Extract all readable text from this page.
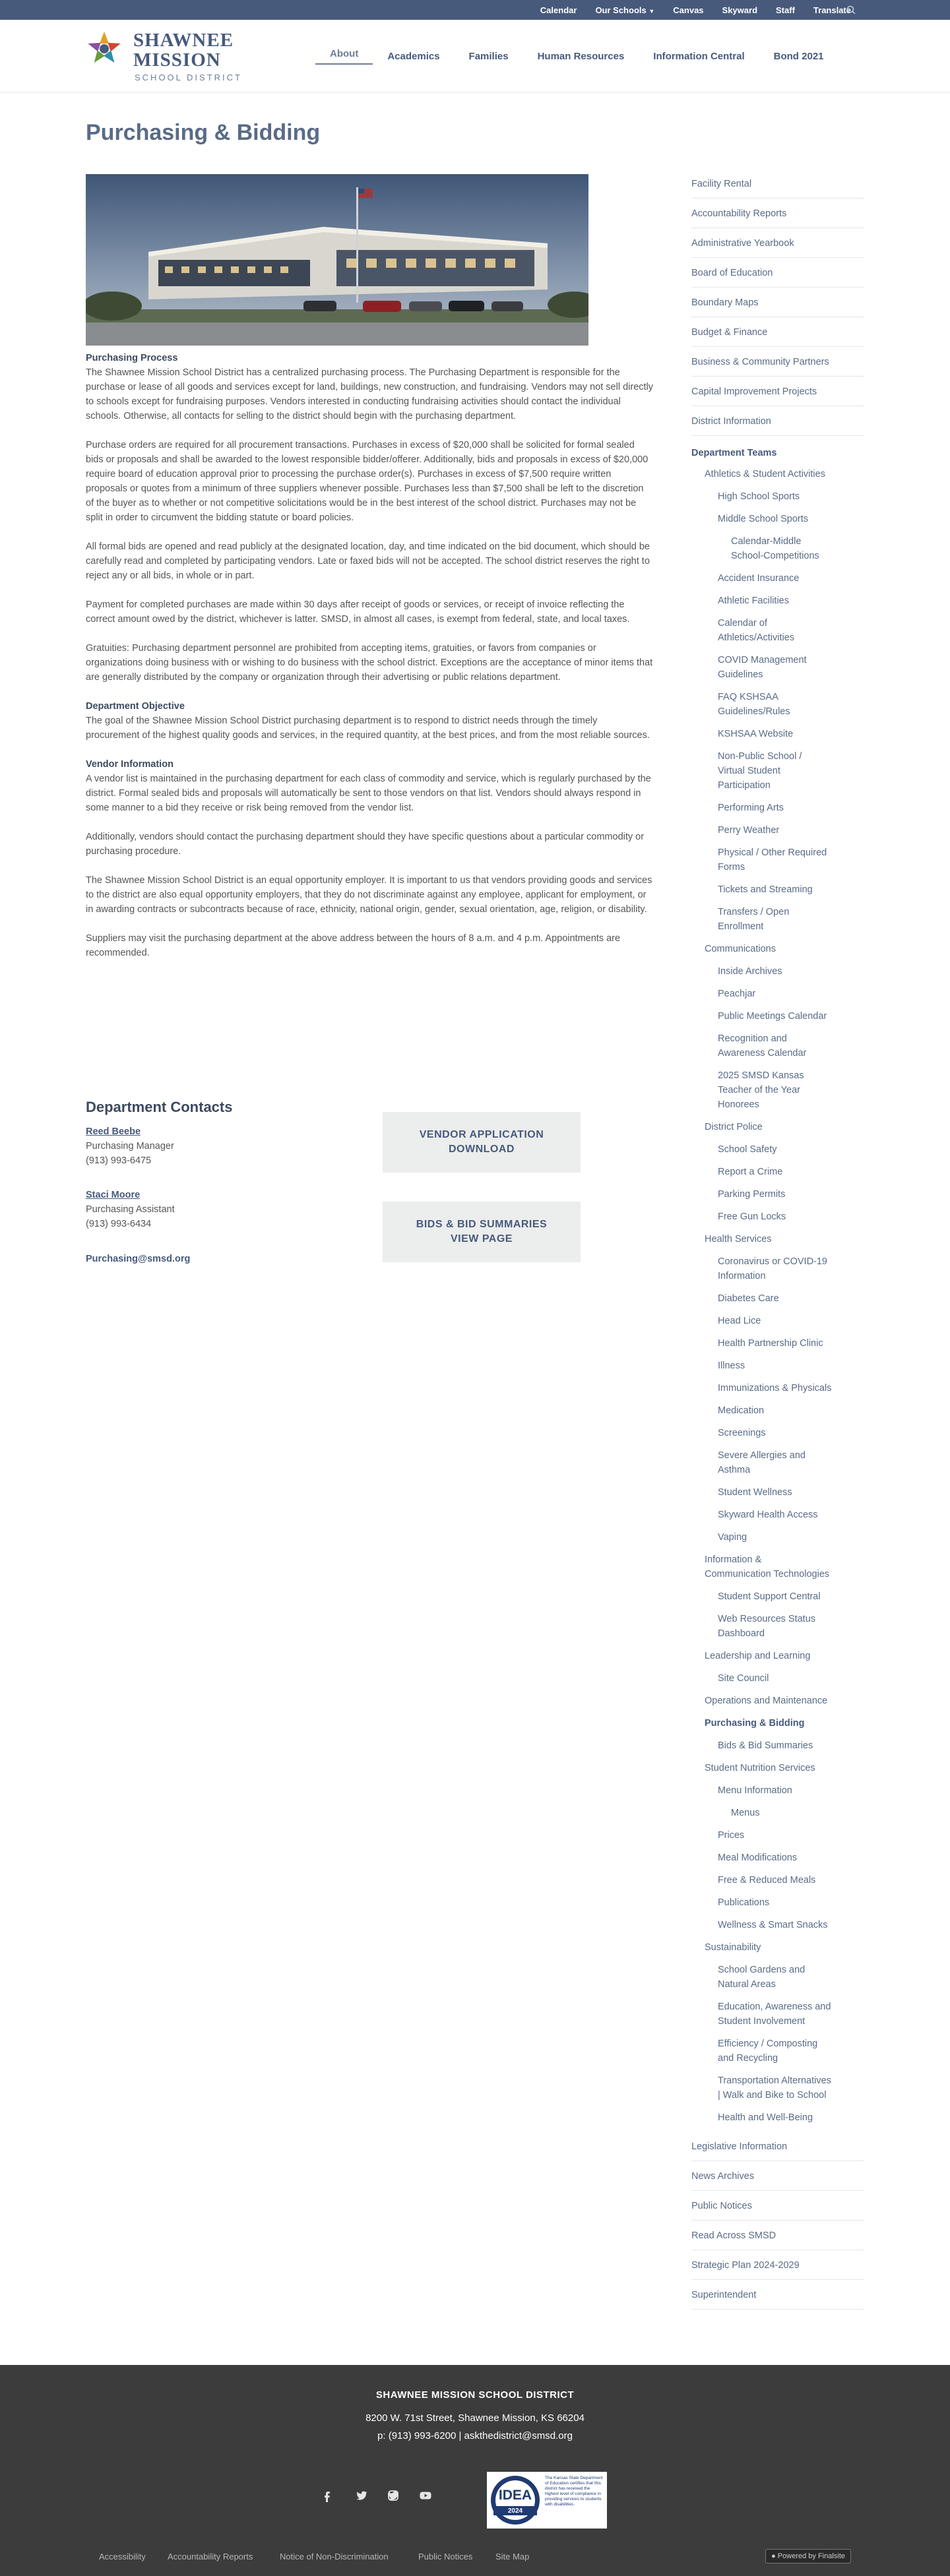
Calendar Our Schools ▼ Canvas Skyward Staff Translate
SHAWNEE
MISSION
SCHOOL DISTRICT
About	Academics	Families	Human Resources	Information Central	Bond 2021
Purchasing & Bidding
Purchasing Process

The Shawnee Mission School District has a centralized purchasing process. The Purchasing Department is responsible for the purchase or lease of all goods and services except for land, buildings, new construction, and fundraising. Vendors may not sell directly to schools except for fundraising purposes. Vendors interested in conducting fundraising activities should contact the individual schools. Otherwise, all contacts for selling to the district should begin with the purchasing department.

Purchase orders are required for all procurement transactions. Purchases in excess of $20,000 shall be solicited for formal sealed bids or proposals and shall be awarded to the lowest responsible bidder/offerer. Additionally, bids and proposals in excess of $20,000 require board of education approval prior to processing the purchase order(s). Purchases in excess of $7,500 require written proposals or quotes from a minimum of three suppliers whenever possible. Purchases less than $7,500 shall be left to the discretion of the buyer as to whether or not competitive solicitations would be in the best interest of the school district. Purchases may not be split in order to circumvent the bidding statute or board policies.

All formal bids are opened and read publicly at the designated location, day, and time indicated on the bid document, which should be carefully read and completed by participating vendors. Late or faxed bids will not be accepted. The school district reserves the right to reject any or all bids, in whole or in part.

Payment for completed purchases are made within 30 days after receipt of goods or services, or receipt of invoice reflecting the correct amount owed by the district, whichever is latter. SMSD, in almost all cases, is exempt from federal, state, and local taxes.

Gratuities: Purchasing department personnel are prohibited from accepting items, gratuities, or favors from companies or organizations doing business with or wishing to do business with the school district. Exceptions are the acceptance of minor items that are generally distributed by the company or organization through their advertising or public relations department.

Department Objective

The goal of the Shawnee Mission School District purchasing department is to respond to district needs through the timely procurement of the highest quality goods and services, in the required quantity, at the best prices, and from the most reliable sources.

Vendor Information

A vendor list is maintained in the purchasing department for each class of commodity and service, which is regularly purchased by the district. Formal sealed bids and proposals will automatically be sent to those vendors on that list. Vendors should always respond in some manner to a bid they receive or risk being removed from the vendor list.

Additionally, vendors should contact the purchasing department should they have specific questions about a particular commodity or purchasing procedure.

The Shawnee Mission School District is an equal opportunity employer. It is important to us that vendors providing goods and services to the district are also equal opportunity employers, that they do not discriminate against any employee, applicant for employment, or in awarding contracts or subcontracts because of race, ethnicity, national origin, gender, sexual orientation, age, religion, or disability.

Suppliers may visit the purchasing department at the above address between the hours of 8 a.m. and 4 p.m. Appointments are recommended.

Department Contacts
Reed Beebe
Purchasing Manager
(913) 993-6475
Staci Moore
Purchasing Assistant
(913) 993-6434
Purchasing@smsd.org
VENDOR APPLICATION
DOWNLOAD
BIDS & BID SUMMARIES
VIEW PAGE
Facility Rental
Accountability Reports
Administrative Yearbook
Board of Education
Boundary Maps
Budget & Finance
Business & Community Partners
Capital Improvement Projects
District Information
Department Teams
Athletics & Student Activities
High School Sports
Middle School Sports
Calendar-Middle
School-Competitions
Accident Insurance
Athletic Facilities
Calendar of
Athletics/Activities
COVID Management
Guidelines
FAQ KSHSAA
Guidelines/Rules
KSHSAA Website
Non-Public School /
Virtual Student
Participation
Performing Arts
Perry Weather
Physical / Other Required
Forms
Tickets and Streaming
Transfers / Open
Enrollment
Communications
Inside Archives
Peachjar
Public Meetings Calendar
Recognition and
Awareness Calendar
2025 SMSD Kansas
Teacher of the Year
Honorees
District Police
School Safety
Report a Crime
Parking Permits
Free Gun Locks
Health Services
Coronavirus or COVID-19
Information
Diabetes Care
Head Lice
Health Partnership Clinic
Illness
Immunizations & Physicals
Medication
Screenings
Severe Allergies and
Asthma
Student Wellness
Skyward Health Access
Vaping
Information &
Communication Technologies
Student Support Central
Web Resources Status
Dashboard
Leadership and Learning
Site Council
Operations and Maintenance
Purchasing & Bidding
Bids & Bid Summaries
Student Nutrition Services
Menu Information
Menus
Prices
Meal Modifications
Free & Reduced Meals
Publications
Wellness & Smart Snacks
Sustainability
School Gardens and
Natural Areas
Education, Awareness and
Student Involvement
Efficiency / Composting
and Recycling
Transportation Alternatives
| Walk and Bike to School
Health and Well-Being
Legislative Information
News Archives
Public Notices
Read Across SMSD
Strategic Plan 2024-2029
Superintendent
SHAWNEE MISSION SCHOOL DISTRICT
8200 W. 71st Street, Shawnee Mission, KS 66204
p: (913) 993-6200 | askthedistrict@smsd.org
IDEA
2024
The Kansas State Department of Education certifies that this district has received the highest level of compliance in providing services to students with disabilities.
Accessibility	Accountability Reports	Notice of Non-Discrimination	Public Notices	Site Map	● Powered by Finalsite
